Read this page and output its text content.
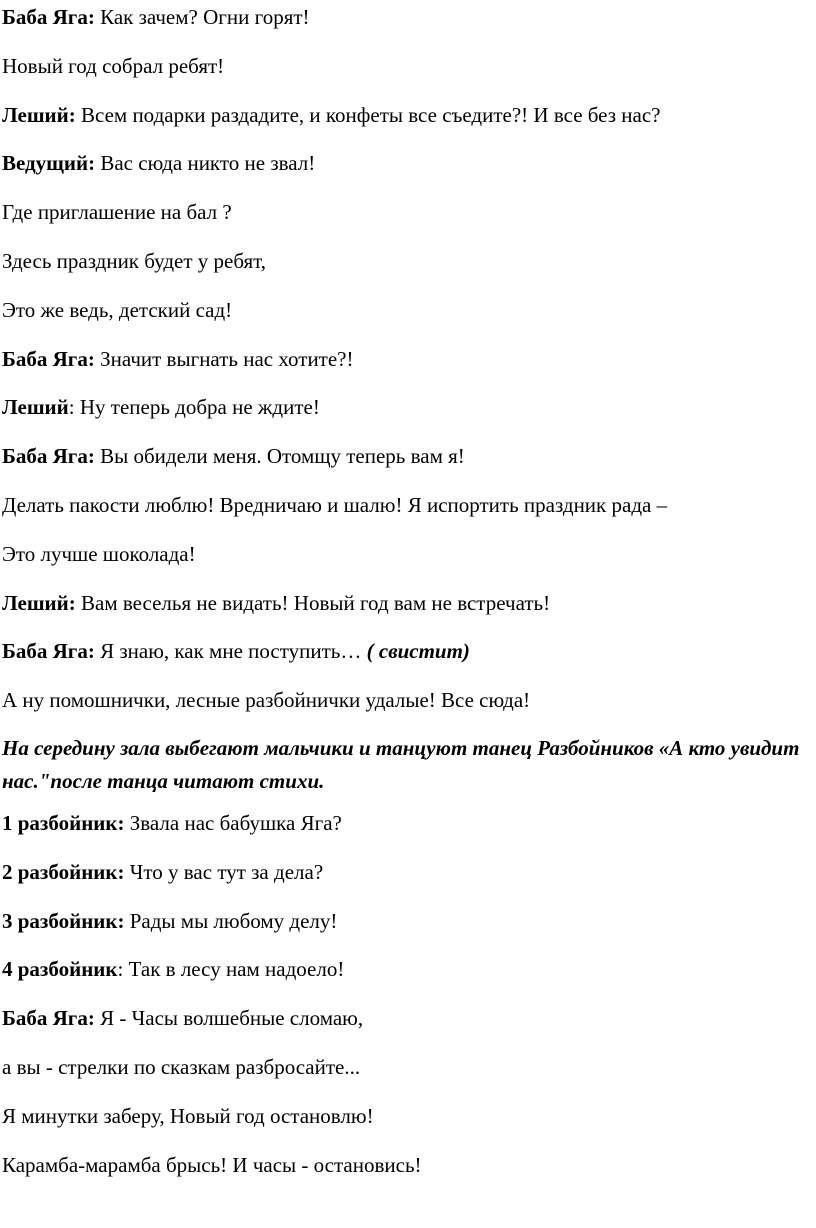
Баба Яга: Как зачем? Огни горят!

Новый год собрал ребят!

Леший: Всем подарки раздадите, и конфеты все съедите?! И все без нас?

Ведущий: Вас сюда никто не звал!

Где приглашение на бал ?

Здесь праздник будет у ребят,

Это же ведь, детский сад!

Баба Яга: Значит выгнать нас хотите?!

Леший: Ну теперь добра не ждите!

Баба Яга: Вы обидели меня. Отомщу теперь вам я!

Делать пакости люблю! Вредничаю и шалю! Я испортить праздник рада –

Это лучше шоколада!

Леший: Вам веселья не видать! Новый год вам не встречать!

Баба Яга: Я знаю, как мне поступить… ( свистит)

А ну помошнички, лесные разбойнички удалые! Все сюда!

На середину зала выбегают мальчики и танцуют танец Разбойников «А кто увидит нас."после танца читают стихи.

1 разбойник: Звала нас бабушка Яга?

2 разбойник: Что у вас тут за дела?

3 разбойник: Рады мы любому делу!

4 разбойник: Так в лесу нам надоело!

Баба Яга: Я - Часы волшебные сломаю,

а вы - стрелки по сказкам разбросайте...

Я минутки заберу, Новый год остановлю!

Карамба-марамба брысь! И часы - остановись!
